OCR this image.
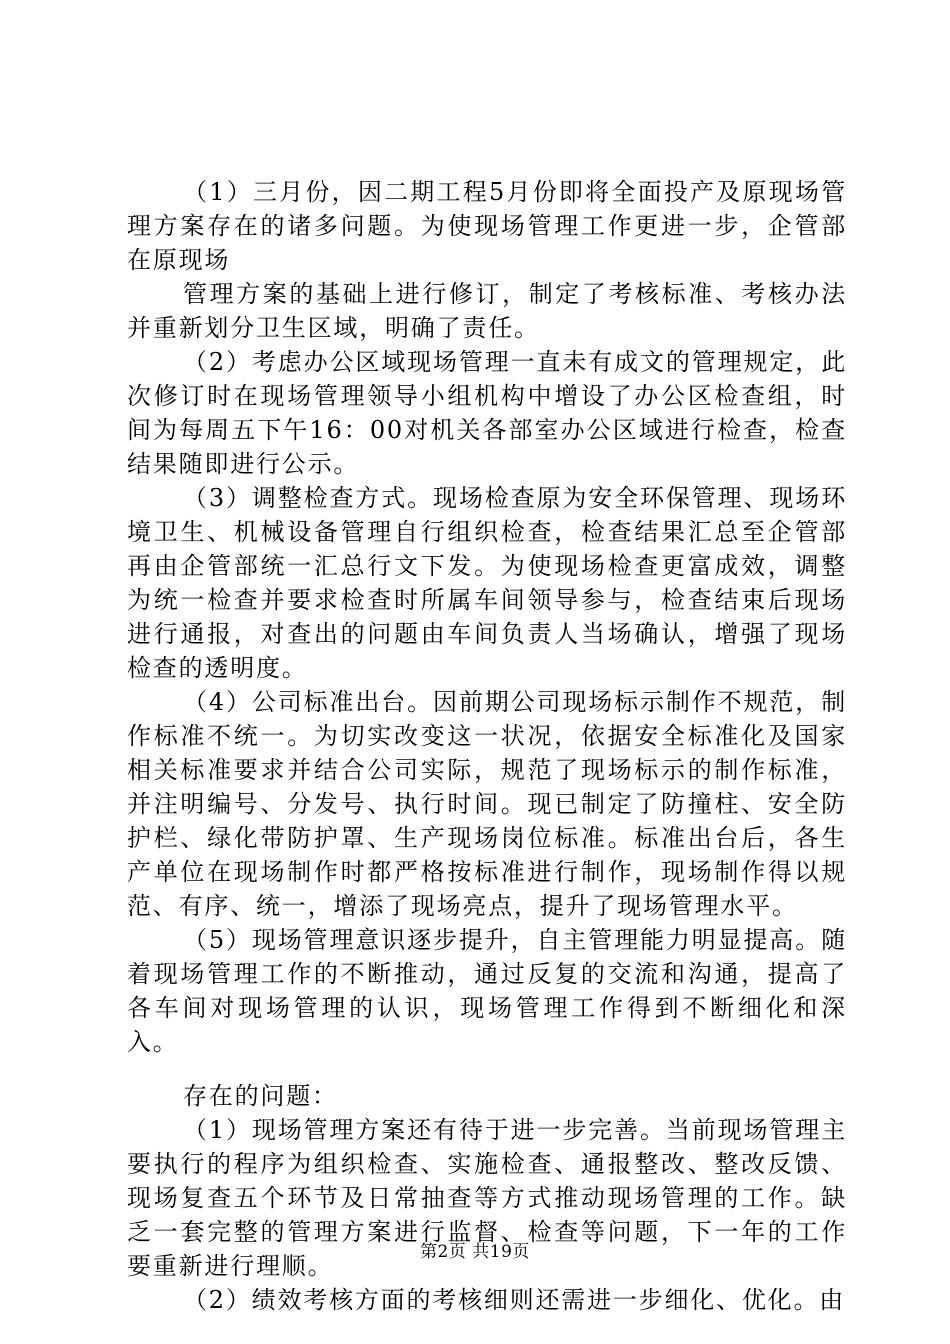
（1）三月份，因二期工程5月份即将全面投产及原现场管理方案存在的诸多问题。为使现场管理工作更进一步，企管部在原现场

管理方案的基础上进行修订，制定了考核标准、考核办法并重新划分卫生区域，明确了责任。

（2）考虑办公区域现场管理一直未有成文的管理规定，此次修订时在现场管理领导小组机构中增设了办公区检查组，时间为每周五下午16：00对机关各部室办公区域进行检查，检查结果随即进行公示。

（3）调整检查方式。现场检查原为安全环保管理、现场环境卫生、机械设备管理自行组织检查，检查结果汇总至企管部再由企管部统一汇总行文下发。为使现场检查更富成效，调整为统一检查并要求检查时所属车间领导参与，检查结束后现场进行通报，对查出的问题由车间负责人当场确认，增强了现场检查的透明度。

（4）公司标准出台。因前期公司现场标示制作不规范，制作标准不统一。为切实改变这一状况，依据安全标准化及国家相关标准要求并结合公司实际，规范了现场标示的制作标准，并注明编号、分发号、执行时间。现已制定了防撞柱、安全防护栏、绿化带防护罩、生产现场岗位标准。标准出台后，各生产单位在现场制作时都严格按标准进行制作，现场制作得以规范、有序、统一，增添了现场亮点，提升了现场管理水平。

（5）现场管理意识逐步提升，自主管理能力明显提高。随着现场管理工作的不断推动，通过反复的交流和沟通，提高了各车间对现场管理的认识，现场管理工作得到不断细化和深入。

存在的问题：

（1）现场管理方案还有待于进一步完善。当前现场管理主要执行的程序为组织检查、实施检查、通报整改、整改反馈、现场复查五个环节及日常抽查等方式推动现场管理的工作。缺乏一套完整的管理方案进行监督、检查等问题，下一年的工作要重新进行理顺。

（2）绩效考核方面的考核细则还需进一步细化、优化。由

第2页 共19页
